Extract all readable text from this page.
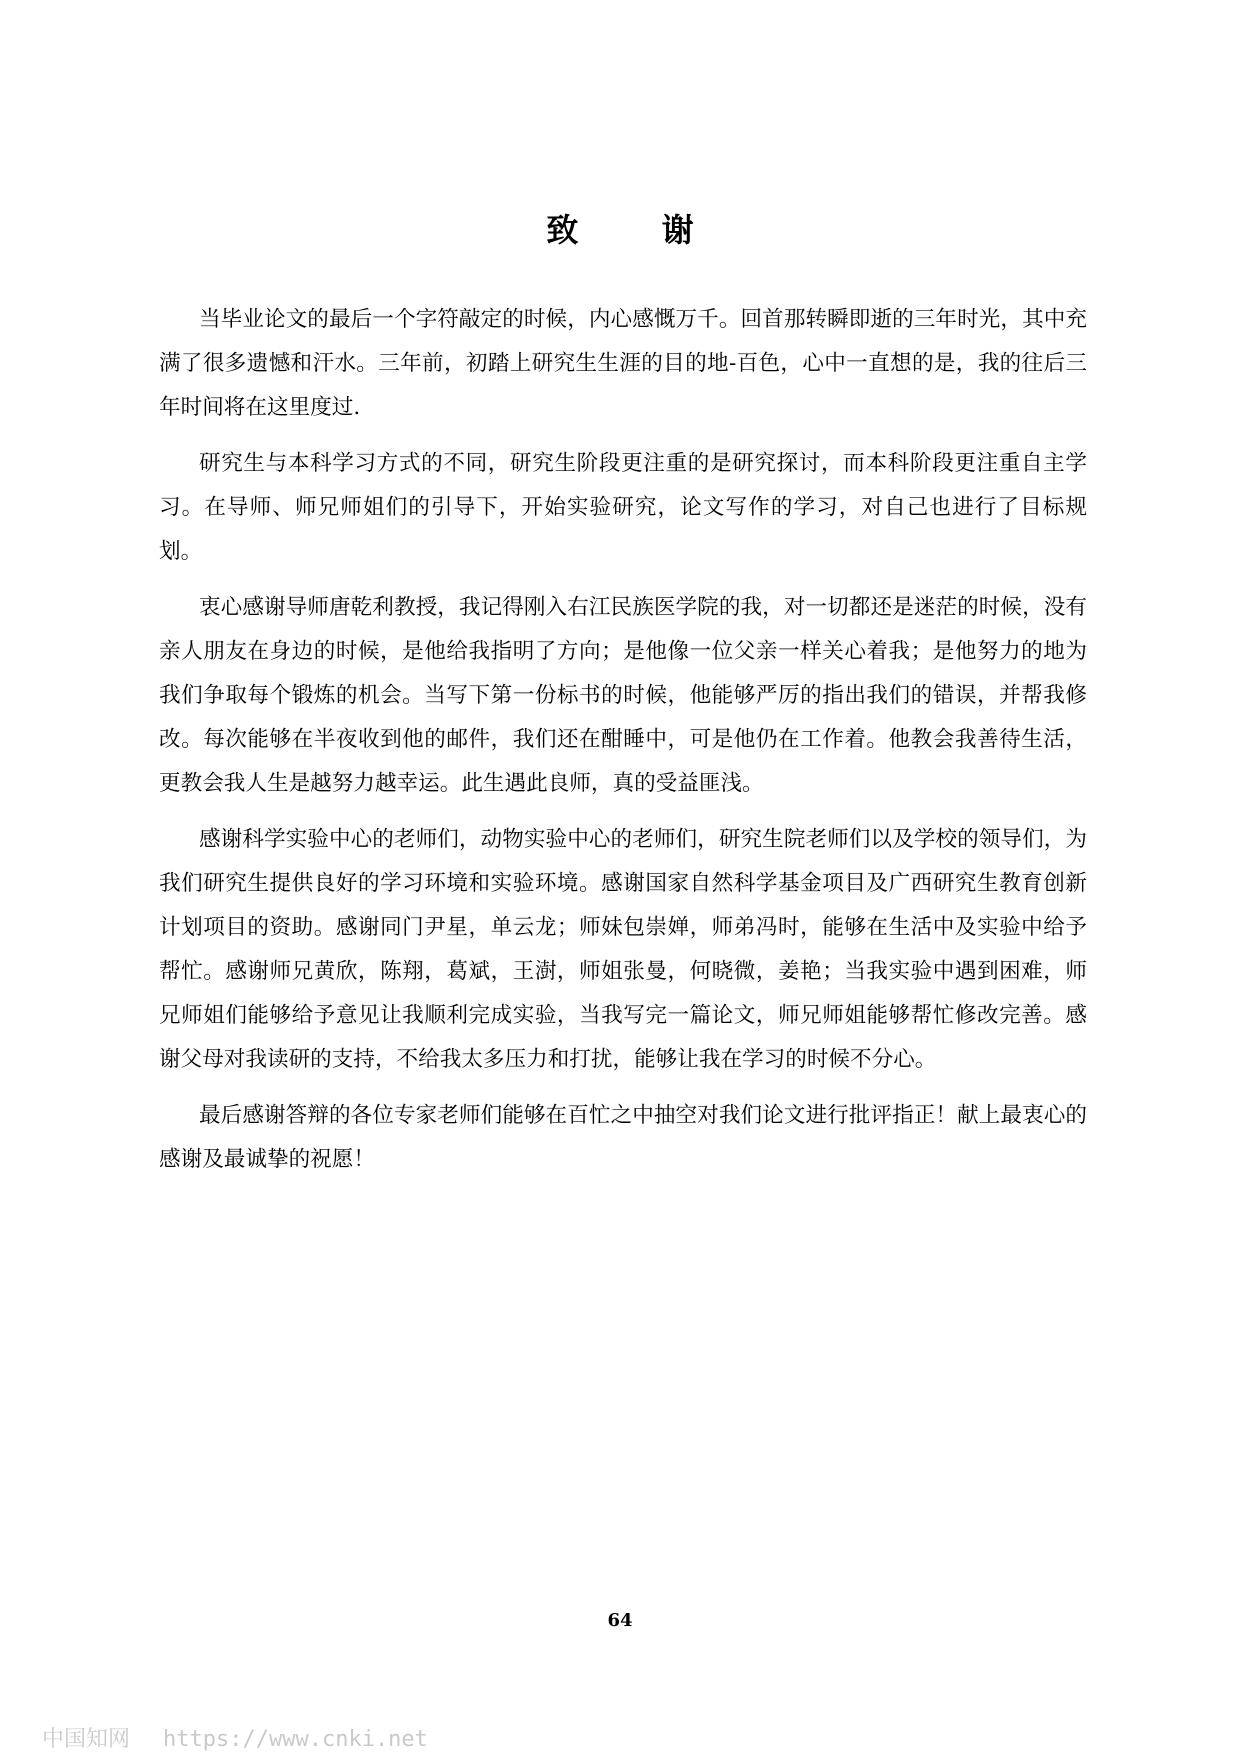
致 谢

当毕业论文的最后一个字符敲定的时候，内心感慨万千。回首那转瞬即逝的三年时光，其中充满了很多遗憾和汗水。三年前，初踏上研究生生涯的目的地-百色，心中一直想的是，我的往后三年时间将在这里度过.

研究生与本科学习方式的不同，研究生阶段更注重的是研究探讨，而本科阶段更注重自主学习。在导师、师兄师姐们的引导下，开始实验研究，论文写作的学习，对自己也进行了目标规划。

衷心感谢导师唐乾利教授，我记得刚入右江民族医学院的我，对一切都还是迷茫的时候，没有亲人朋友在身边的时候，是他给我指明了方向；是他像一位父亲一样关心着我；是他努力的地为我们争取每个锻炼的机会。当写下第一份标书的时候，他能够严厉的指出我们的错误，并帮我修改。每次能够在半夜收到他的邮件，我们还在酣睡中，可是他仍在工作着。他教会我善待生活，更教会我人生是越努力越幸运。此生遇此良师，真的受益匪浅。

感谢科学实验中心的老师们，动物实验中心的老师们，研究生院老师们以及学校的领导们，为我们研究生提供良好的学习环境和实验环境。感谢国家自然科学基金项目及广西研究生教育创新计划项目的资助。感谢同门尹星，单云龙；师妹包崇婵，师弟冯时，能够在生活中及实验中给予帮忙。感谢师兄黄欣，陈翔，葛斌，王澍，师姐张曼，何晓微，姜艳；当我实验中遇到困难，师兄师姐们能够给予意见让我顺利完成实验，当我写完一篇论文，师兄师姐能够帮忙修改完善。感谢父母对我读研的支持，不给我太多压力和打扰，能够让我在学习的时候不分心。

最后感谢答辩的各位专家老师们能够在百忙之中抽空对我们论文进行批评指正！献上最衷心的感谢及最诚挚的祝愿！

64
中国知网 https://www.cnki.net
